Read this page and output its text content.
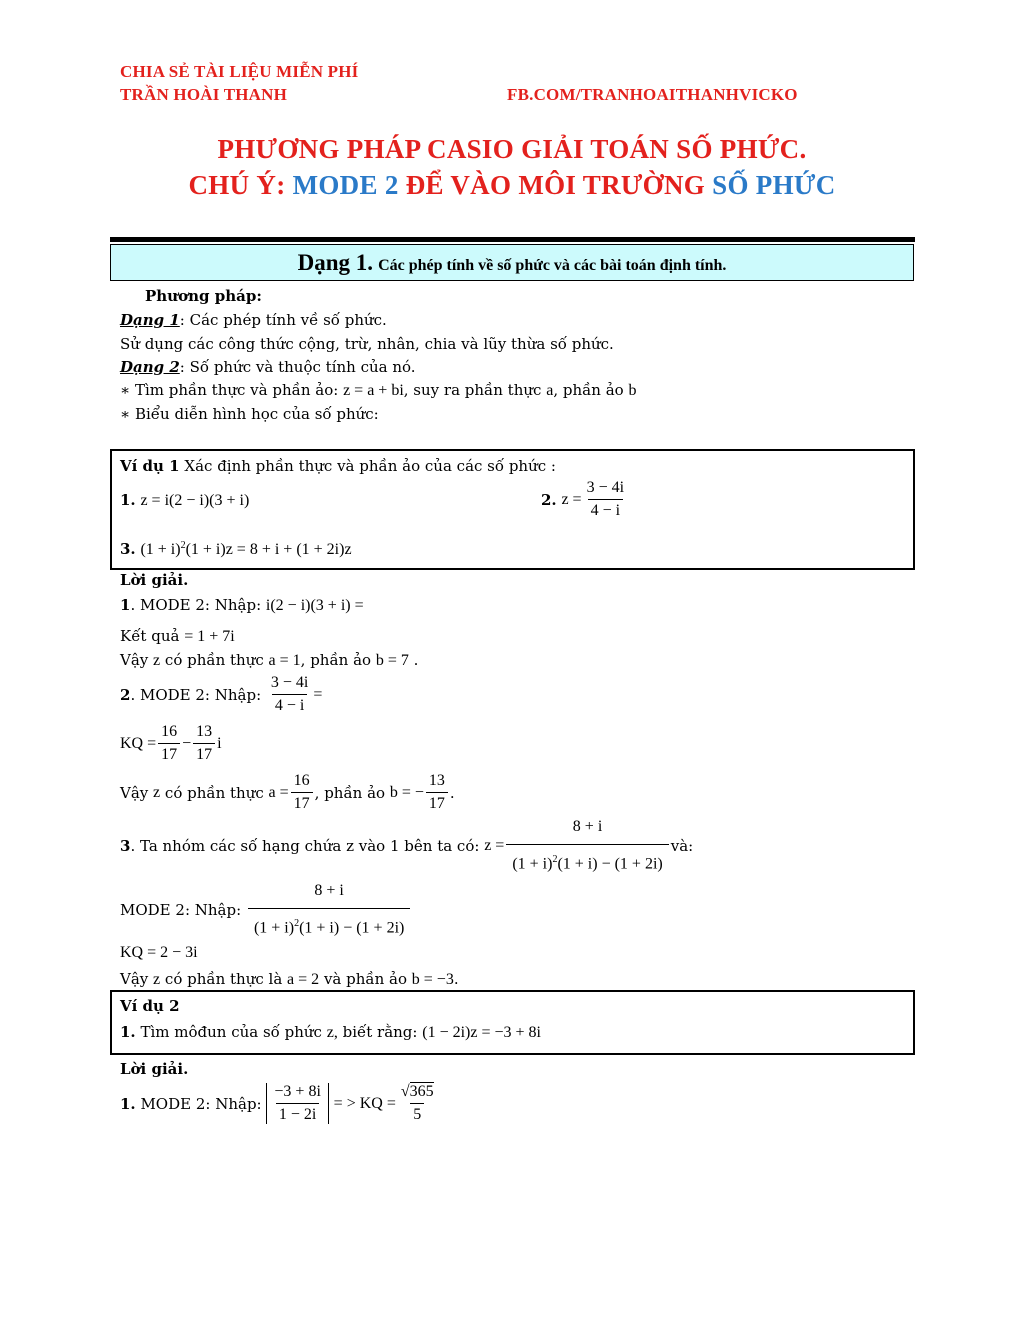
CHIA SẺ TÀI LIỆU MIỄN PHÍ
TRẦN HOÀI THANH	FB.COM/TRANHOAITHANHVICKO
PHƯƠNG PHÁP CASIO GIẢI TOÁN SỐ PHỨC.
CHÚ Ý: MODE 2 ĐỂ VÀO MÔI TRƯỜNG SỐ PHỨC
Dạng 1. Các phép tính về số phức và các bài toán định tính.
Phương pháp:
Dạng 1: Các phép tính về số phức.
Sử dụng các công thức cộng, trừ, nhân, chia và lũy thừa số phức.
Dạng 2: Số phức và thuộc tính của nó.
∗ Tìm phần thực và phần ảo: z = a + bi, suy ra phần thực a, phần ảo b
∗ Biểu diễn hình học của số phức:
Ví dụ 1 Xác định phần thực và phần ảo của các số phức :
1. z = i(2 − i)(3 + i)	2.
$z = \frac{3 - 4i}{4 - i}$
3. $(1 + i)^2(1 + i)z = 8 + i + (1 + 2i)z$
Lời giải.
1. MODE 2: Nhập: i(2 − i)(3 + i) =
Kết quả = 1 + 7i
Vậy z có phần thực a = 1, phần ảo b = 7 .
2 . MODE 2: Nhập:
$\frac{3 - 4i}{4 - i}$ =
KQ = $\frac{16}{17} - \frac{13}{17}$ i
Vậy
z
có phần thực
$a = \frac{16}{17}$ , phần ảo
b = − $\frac{13}{17}$ .
3 . Ta nhóm các số hạng chứa z vào 1 bên ta có:
$z = \frac{8 + i}{(1 + i)^2(1 + i) - (1 + 2i)}$ và:
MODE 2: Nhập:
$\frac{8 + i}{(1 + i)^2(1 + i) - (1 + 2i)}$
KQ = 2 − 3i
Vậy z có phần thực là a = 2 và phần ảo b = −3.
Ví dụ 2
1. Tìm môđun của số phức z, biết rằng: (1 − 2i)z = −3 + 8i
Lời giải.
1.
MODE 2: Nhập:
$\frac{-3 + 8i}{1 - 2i}$
= > KQ = $\frac{√365}{5}$
